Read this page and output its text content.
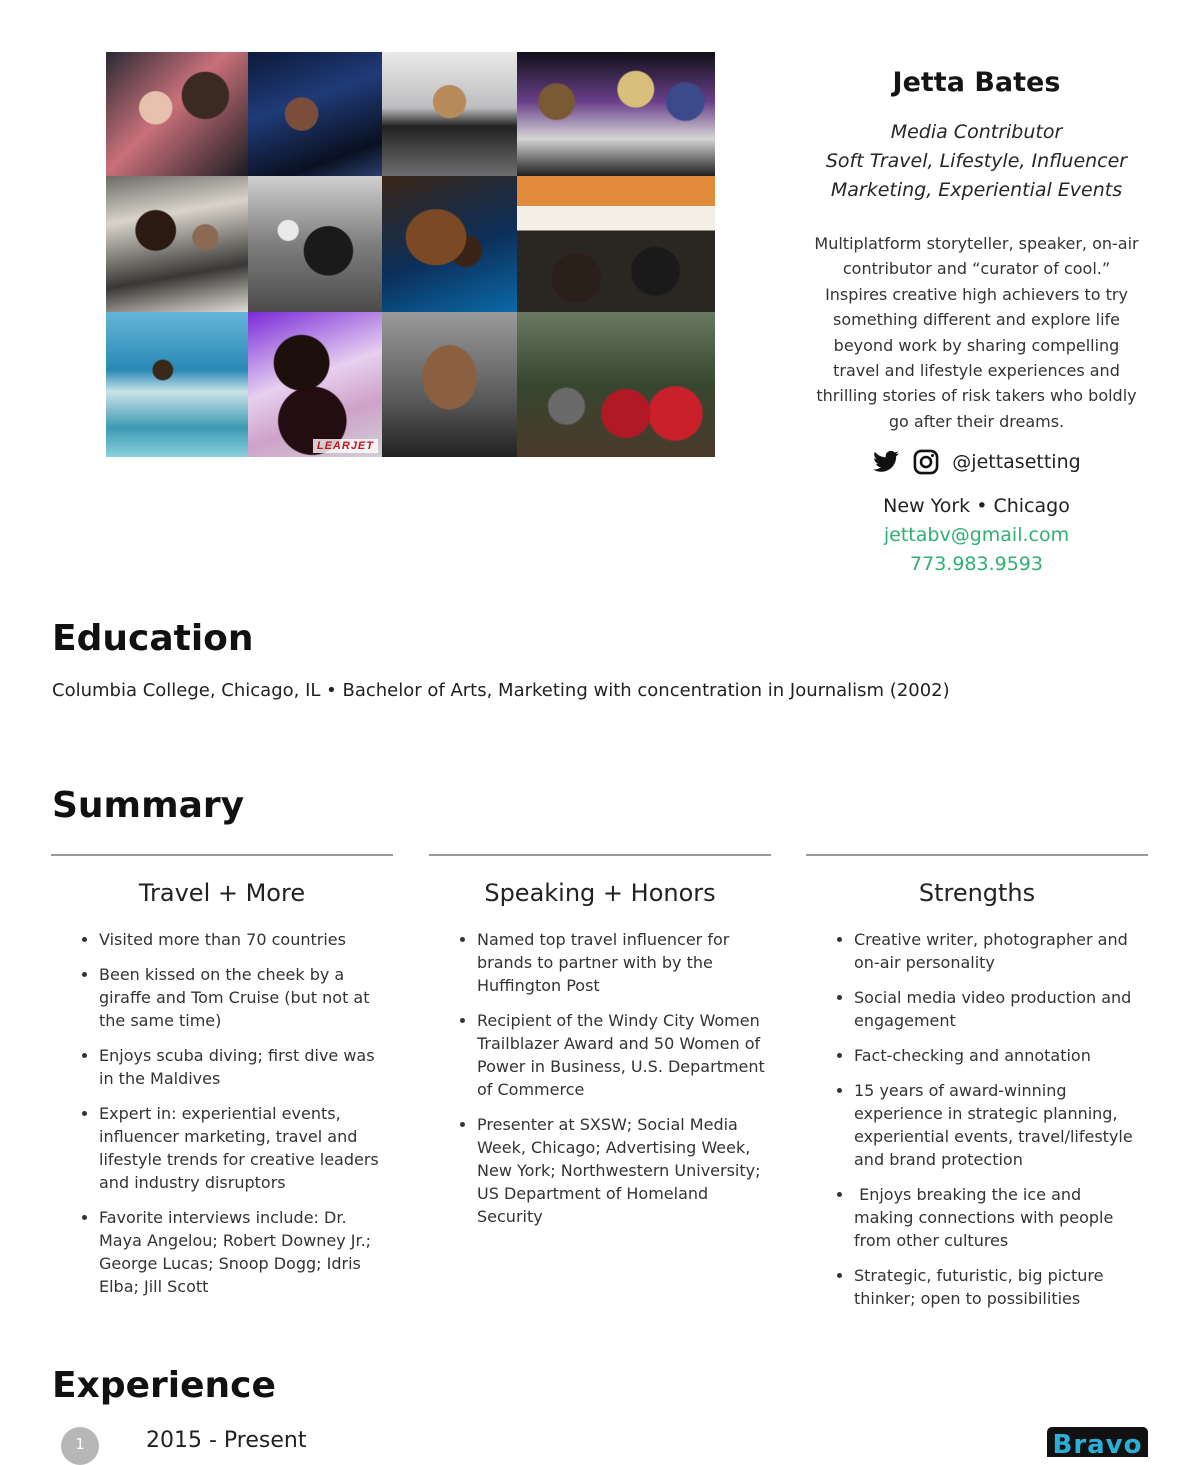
LEARJET
Jetta Bates
Media Contributor
Soft Travel, Lifestyle, Influencer
Marketing, Experiential Events
Multiplatform storyteller, speaker, on-air contributor and “curator of cool.” Inspires creative high achievers to try something different and explore life beyond work by sharing compelling travel and lifestyle experiences and thrilling stories of risk takers who boldly go after their dreams.
@jettasetting
New York • Chicago
jettabv@gmail.com
773.983.9593
Education
Columbia College, Chicago, IL • Bachelor of Arts, Marketing with concentration in Journalism (2002)
Summary
Travel + More
• Visited more than 70 countries
• Been kissed on the cheek by a giraffe and Tom Cruise (but not at the same time)
• Enjoys scuba diving; first dive was in the Maldives
• Expert in: experiential events, influencer marketing, travel and lifestyle trends for creative leaders and industry disruptors
• Favorite interviews include: Dr. Maya Angelou; Robert Downey Jr.; George Lucas; Snoop Dogg; Idris Elba; Jill Scott
Speaking + Honors
• Named top travel influencer for brands to partner with by the Huffington Post
• Recipient of the Windy City Women Trailblazer Award and 50 Women of Power in Business, U.S. Department of Commerce
• Presenter at SXSW; Social Media Week, Chicago; Advertising Week, New York; Northwestern University; US Department of Homeland Security
Strengths
• Creative writer, photographer and on-air personality
• Social media video production and engagement
• Fact-checking and annotation
• 15 years of award-winning experience in strategic planning, experiential events, travel/lifestyle and brand protection
•  Enjoys breaking the ice and making connections with people from other cultures
• Strategic, futuristic, big picture thinker; open to possibilities
Experience
1	2015 - Present	Bravo
